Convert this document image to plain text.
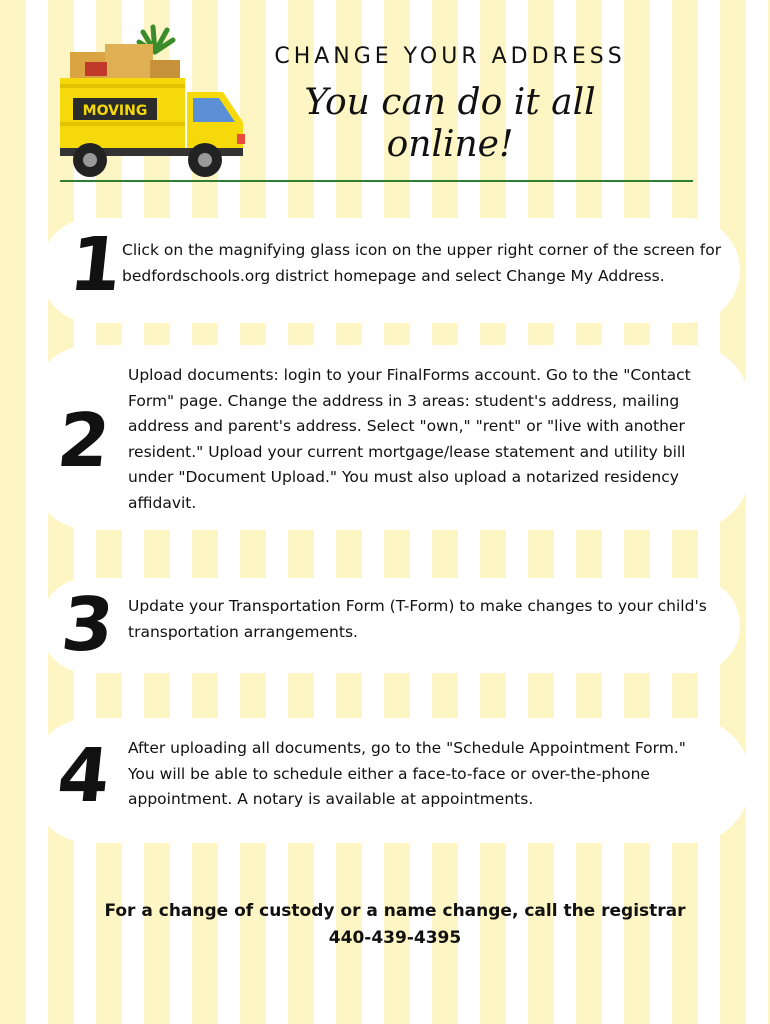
MOVING
CHANGE YOUR ADDRESS
You can do it all
online!
1
Click on the magnifying glass icon on the upper right corner of the screen for bedfordschools.org district homepage and select Change My Address.
2
Upload documents: login to your FinalForms account. Go to the "Contact Form" page. Change the address in 3 areas: student's address, mailing address and parent's address. Select "own," "rent" or "live with another resident." Upload your current mortgage/lease statement and utility bill under "Document Upload." You must also upload a notarized residency affidavit.
3 Update your Transportation Form (T-Form) to make changes to your child's transportation arrangements.
4 After uploading all documents, go to the "Schedule Appointment Form." You will be able to schedule either a face-to-face or over-the-phone appointment. A notary is available at appointments.
For a change of custody or a name change, call the registrar
440-439-4395
